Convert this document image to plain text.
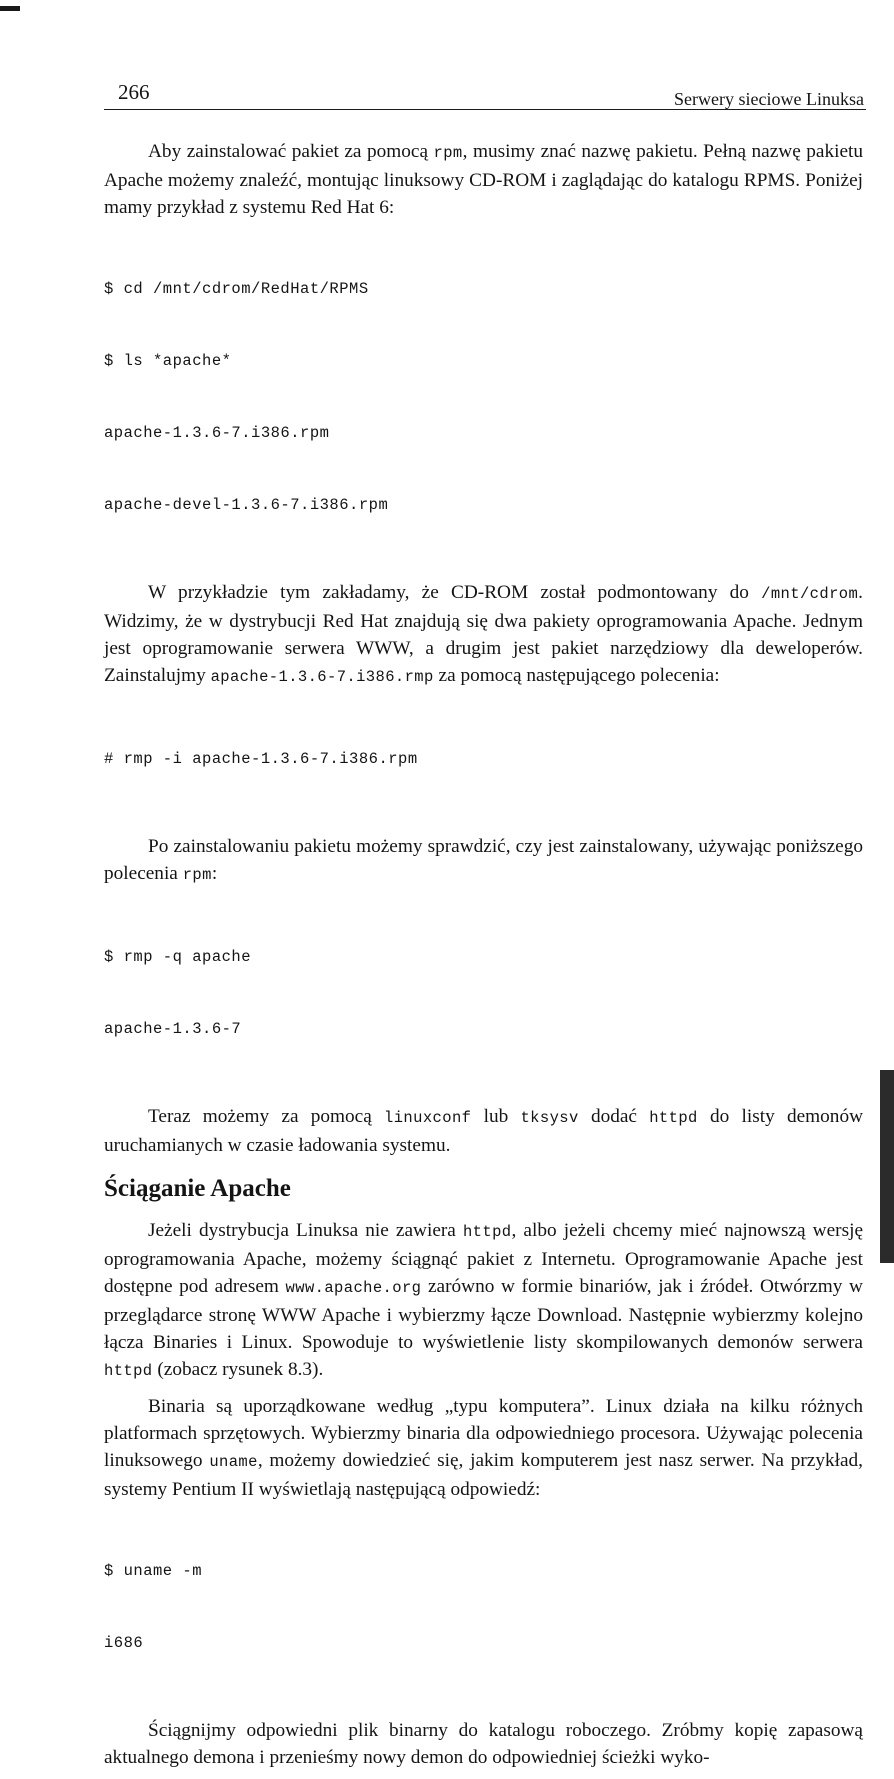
266	Serwery sieciowe Linuksa

Aby zainstalować pakiet za pomocą rpm, musimy znać nazwę pakietu. Pełną nazwę pakietu Apache możemy znaleźć, montując linuksowy CD-ROM i zaglądając do katalogu RPMS. Poniżej mamy przykład z systemu Red Hat 6:

$ cd /mnt/cdrom/RedHat/RPMS

$ ls *apache*

apache-1.3.6-7.i386.rpm

apache-devel-1.3.6-7.i386.rpm

W przykładzie tym zakładamy, że CD-ROM został podmontowany do /mnt/cdrom. Widzimy, że w dystrybucji Red Hat znajdują się dwa pakiety oprogramowania Apache. Jednym jest oprogramowanie serwera WWW, a drugim jest pakiet narzędziowy dla deweloperów. Zainstalujmy apache-1.3.6-7.i386.rmp za pomocą następującego polecenia:

# rmp -i apache-1.3.6-7.i386.rpm

Po zainstalowaniu pakietu możemy sprawdzić, czy jest zainstalowany, używając poniższego polecenia rpm:

$ rmp -q apache

apache-1.3.6-7

Teraz możemy za pomocą linuxconf lub tksysv dodać httpd do listy demonów uruchamianych w czasie ładowania systemu.

Ściąganie Apache

Jeżeli dystrybucja Linuksa nie zawiera httpd, albo jeżeli chcemy mieć najnowszą wersję oprogramowania Apache, możemy ściągnąć pakiet z Internetu. Oprogramowanie Apache jest dostępne pod adresem www.apache.org zarówno w formie binariów, jak i źródeł. Otwórzmy w przeglądarce stronę WWW Apache i wybierzmy łącze Download. Następnie wybierzmy kolejno łącza Binaries i Linux. Spowoduje to wyświetlenie listy skompilowanych demonów serwera httpd (zobacz rysunek 8.3).

Binaria są uporządkowane według „typu komputera”. Linux działa na kilku różnych platformach sprzętowych. Wybierzmy binaria dla odpowiedniego procesora. Używając polecenia linuksowego uname, możemy dowiedzieć się, jakim komputerem jest nasz serwer. Na przykład, systemy Pentium II wyświetlają następującą odpowiedź:

$ uname -m

i686

Ściągnijmy odpowiedni plik binarny do katalogu roboczego. Zróbmy kopię zapasową aktualnego demona i przenieśmy nowy demon do odpowiedniej ścieżki wyko-
